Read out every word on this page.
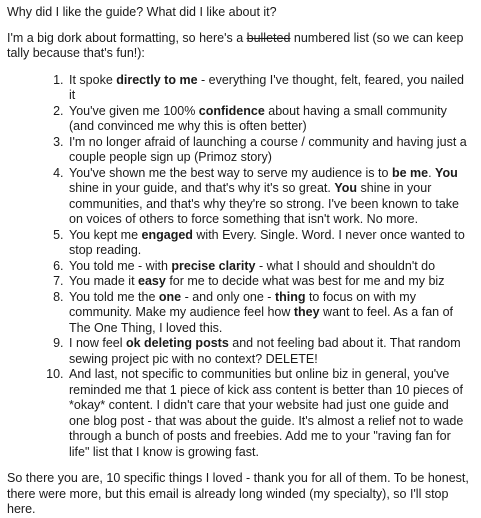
Why did I like the guide? What did I like about it?

I'm a big dork about formatting, so here's a bulleted numbered list (so we can keep tally because that's fun!):

1. It spoke directly to me - everything I've thought, felt, feared, you nailed it
2. You've given me 100% confidence about having a small community (and convinced me why this is often better)
3. I'm no longer afraid of launching a course / community and having just a couple people sign up (Primoz story)
4. You've shown me the best way to serve my audience is to be me. You shine in your guide, and that's why it's so great. You shine in your communities, and that's why they're so strong. I've been known to take on voices of others to force something that isn't work. No more.
5. You kept me engaged with Every. Single. Word. I never once wanted to stop reading.
6. You told me - with precise clarity - what I should and shouldn't do
7. You made it easy for me to decide what was best for me and my biz
8. You told me the one - and only one - thing to focus on with my community. Make my audience feel how they want to feel. As a fan of The One Thing, I loved this.
9. I now feel ok deleting posts and not feeling bad about it. That random sewing project pic with no context? DELETE!
10. And last, not specific to communities but online biz in general, you've reminded me that 1 piece of kick ass content is better than 10 pieces of *okay* content. I didn't care that your website had just one guide and one blog post - that was about the guide. It's almost a relief not to wade through a bunch of posts and freebies. Add me to your "raving fan for life" list that I know is growing fast.

So there you are, 10 specific things I loved - thank you for all of them. To be honest, there were more, but this email is already long winded (my specialty), so I'll stop here.
